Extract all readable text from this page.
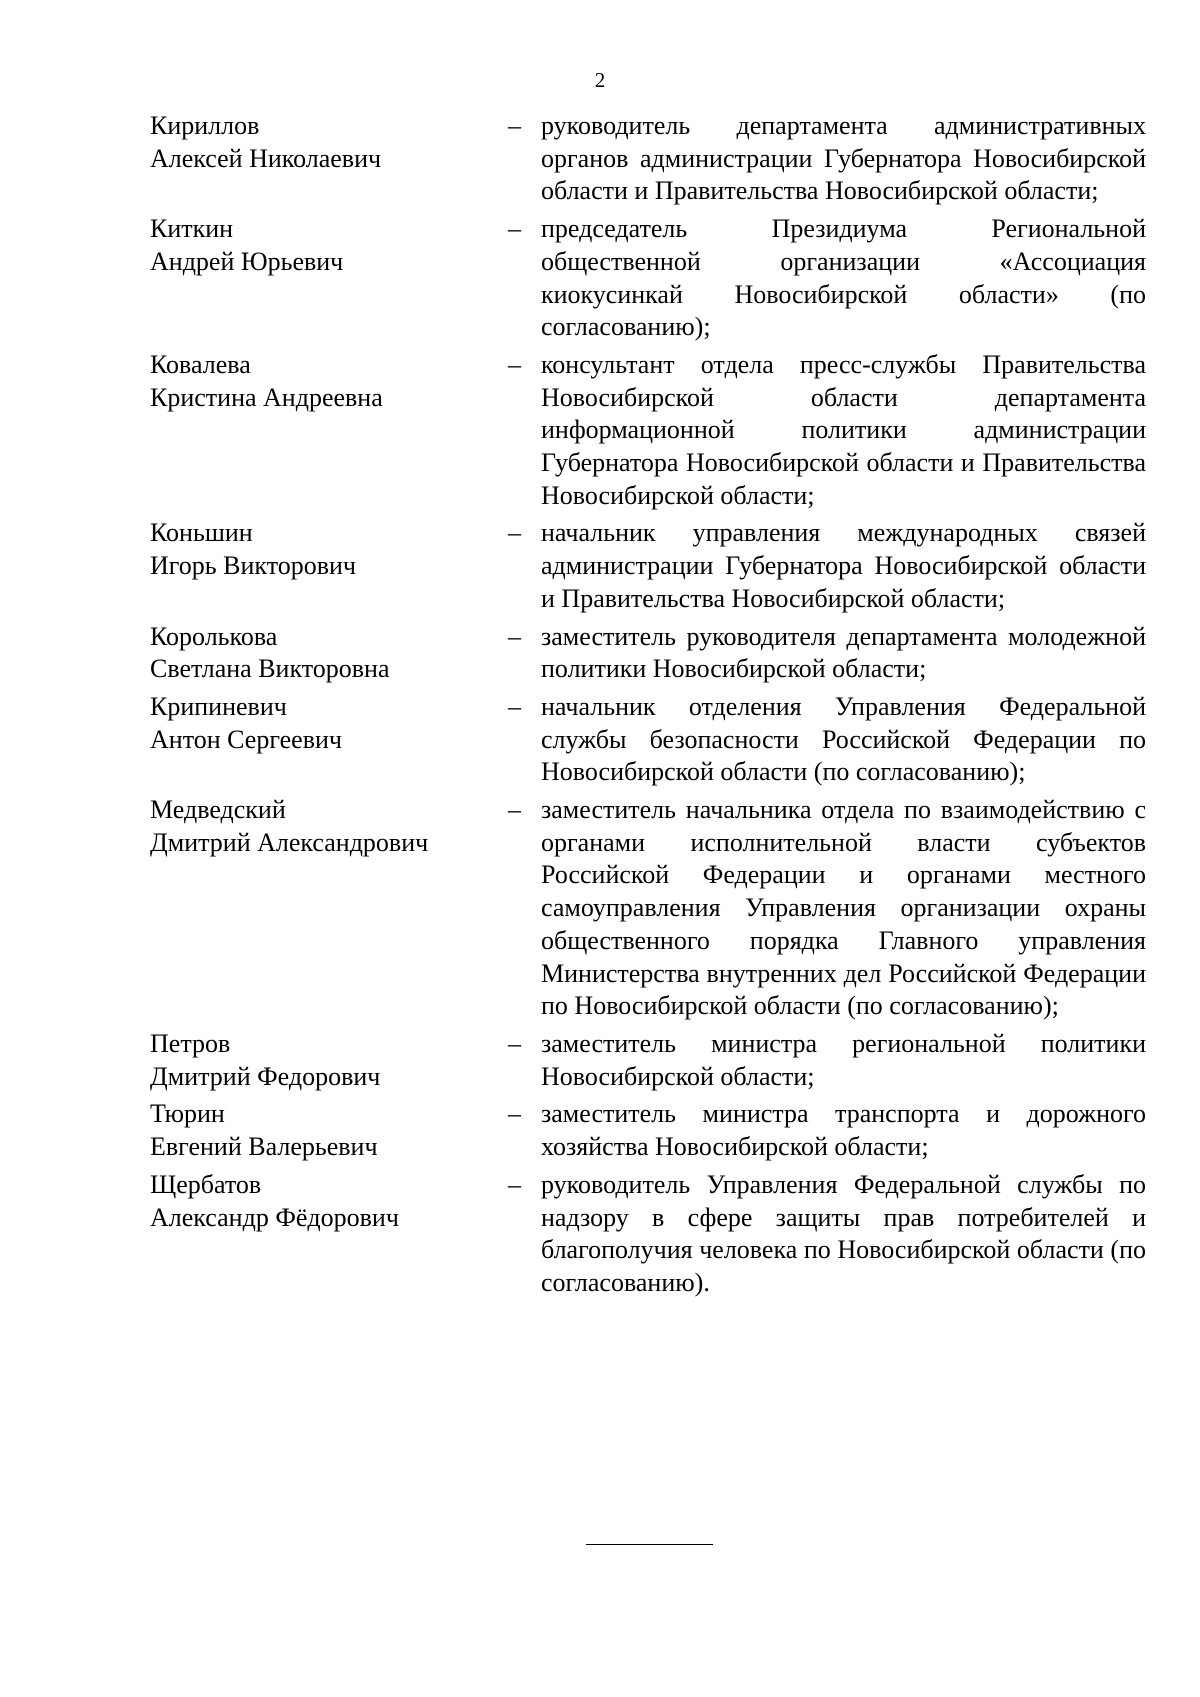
2
Кириллов
Алексей Николаевич
– руководитель департамента административных органов администрации Губернатора Новосибирской области и Правительства Новосибирской области;
Киткин
Андрей Юрьевич
– председатель Президиума Региональной общественной организации «Ассоциация киокусинкай Новосибирской области» (по согласованию);
Ковалева
Кристина Андреевна
– консультант отдела пресс-службы Правительства Новосибирской области департамента информационной политики администрации Губернатора Новосибирской области и Правительства Новосибирской области;
Коньшин
Игорь Викторович
– начальник управления международных связей администрации Губернатора Новосибирской области и Правительства Новосибирской области;
Королькова
Светлана Викторовна
– заместитель руководителя департамента молодежной политики Новосибирской области;
Крипиневич
Антон Сергеевич
– начальник отделения Управления Федеральной службы безопасности Российской Федерации по Новосибирской области (по согласованию);
Медведский
Дмитрий Александрович
– заместитель начальника отдела по взаимодействию с органами исполнительной власти субъектов Российской Федерации и органами местного самоуправления Управления организации охраны общественного порядка Главного управления Министерства внутренних дел Российской Федерации по Новосибирской области (по согласованию);
Петров
Дмитрий Федорович
– заместитель министра региональной политики Новосибирской области;
Тюрин
Евгений Валерьевич
– заместитель министра транспорта и дорожного хозяйства Новосибирской области;
Щербатов
Александр Фёдорович
– руководитель Управления Федеральной службы по надзору в сфере защиты прав потребителей и благополучия человека по Новосибирской области (по согласованию).
